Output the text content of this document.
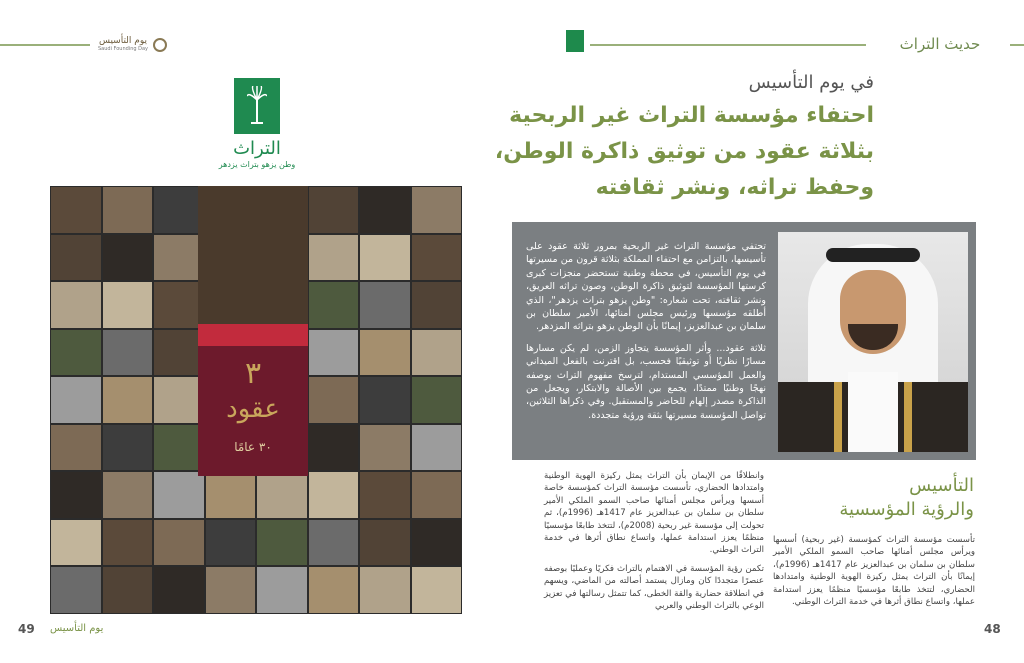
يوم التأسيس
Saudi Founding Day	حديث التراث
في يوم التأسيس
احتفاء مؤسسة التراث غير الربحية
بثلاثة عقود من توثيق ذاكرة الوطن،
وحفظ تراثه، ونشر ثقافته
التراث
وطن يزهو بتراث يزدهر
٣
عقود
٣٠ عامًا

تحتفي مؤسسة التراث غير الربحية بمرور ثلاثة عقود على تأسيسها، بالتزامن مع احتفاء المملكة بثلاثة قرون من مسيرتها في يوم التأسيس، في محطة وطنية تستحضر منجزات كبرى كرستها المؤسسة لتوثيق ذاكرة الوطن، وصون تراثه العريق، ونشر ثقافته، تحت شعاره: "وطن يزهو بتراث يزدهر"، الذي أطلقه مؤسسها ورئيس مجلس أمنائها، الأمير سلطان بن سلمان بن عبدالعزيز، إيمانًا بأن الوطن يزهو بتراثه المزدهر.

ثلاثة عقود... وأثر المؤسسة يتجاوز الزمن، لم يكن مسارها مسارًا نظريًا أو توثيقيًا فحسب، بل اقترنت بالفعل الميداني والعمل المؤسسي المستدام، لترسخ مفهوم التراث بوصفه نهجًا وطنيًا ممتدًا، يجمع بين الأصالة والابتكار، ويجعل من الذاكرة مصدر إلهام للحاضر والمستقبل. وفي ذكراها الثلاثين، تواصل المؤسسة مسيرتها بثقة ورؤية متجددة.

التأسيس
والرؤية المؤسسية

وانطلاقًا من الإيمان بأن التراث يمثل ركيزة الهوية الوطنية وامتدادها الحضاري، تأسست مؤسسة التراث كمؤسسة خاصة أسسها ويرأس مجلس أمنائها صاحب السمو الملكي الأمير سلطان بن سلمان بن عبدالعزيز عام 1417هـ (1996م)، ثم تحولت إلى مؤسسة غير ربحية (2008م)، لتتخذ طابعًا مؤسسيًا منظمًا يعزز استدامة عملها، واتساع نطاق أثرها في خدمة التراث الوطني.

تكمن رؤية المؤسسة في الاهتمام بالتراث فكريًا وعمليًا بوصفه عنصرًا متجددًا كان ومازال يستمد أصالته من الماضي، ويسهم في انطلاقة حضارية والقة الخطى، كما تتمثل رسالتها في تعزيز الوعي بالتراث الوطني والعربي

تأسست مؤسسة التراث كمؤسسة (غير ربحية) أسسها ويرأس مجلس أمنائها صاحب السمو الملكي الأمير سلطان بن سلمان بن عبدالعزيز عام 1417هـ (1996م)، إيمانًا بأن التراث يمثل ركيزة الهوية الوطنية وامتدادها الحضاري، لتتخذ طابعًا مؤسسيًا منظمًا يعزز استدامة عملها، واتساع نطاق أثرها في خدمة التراث الوطني.
49 يوم التأسيس	48
